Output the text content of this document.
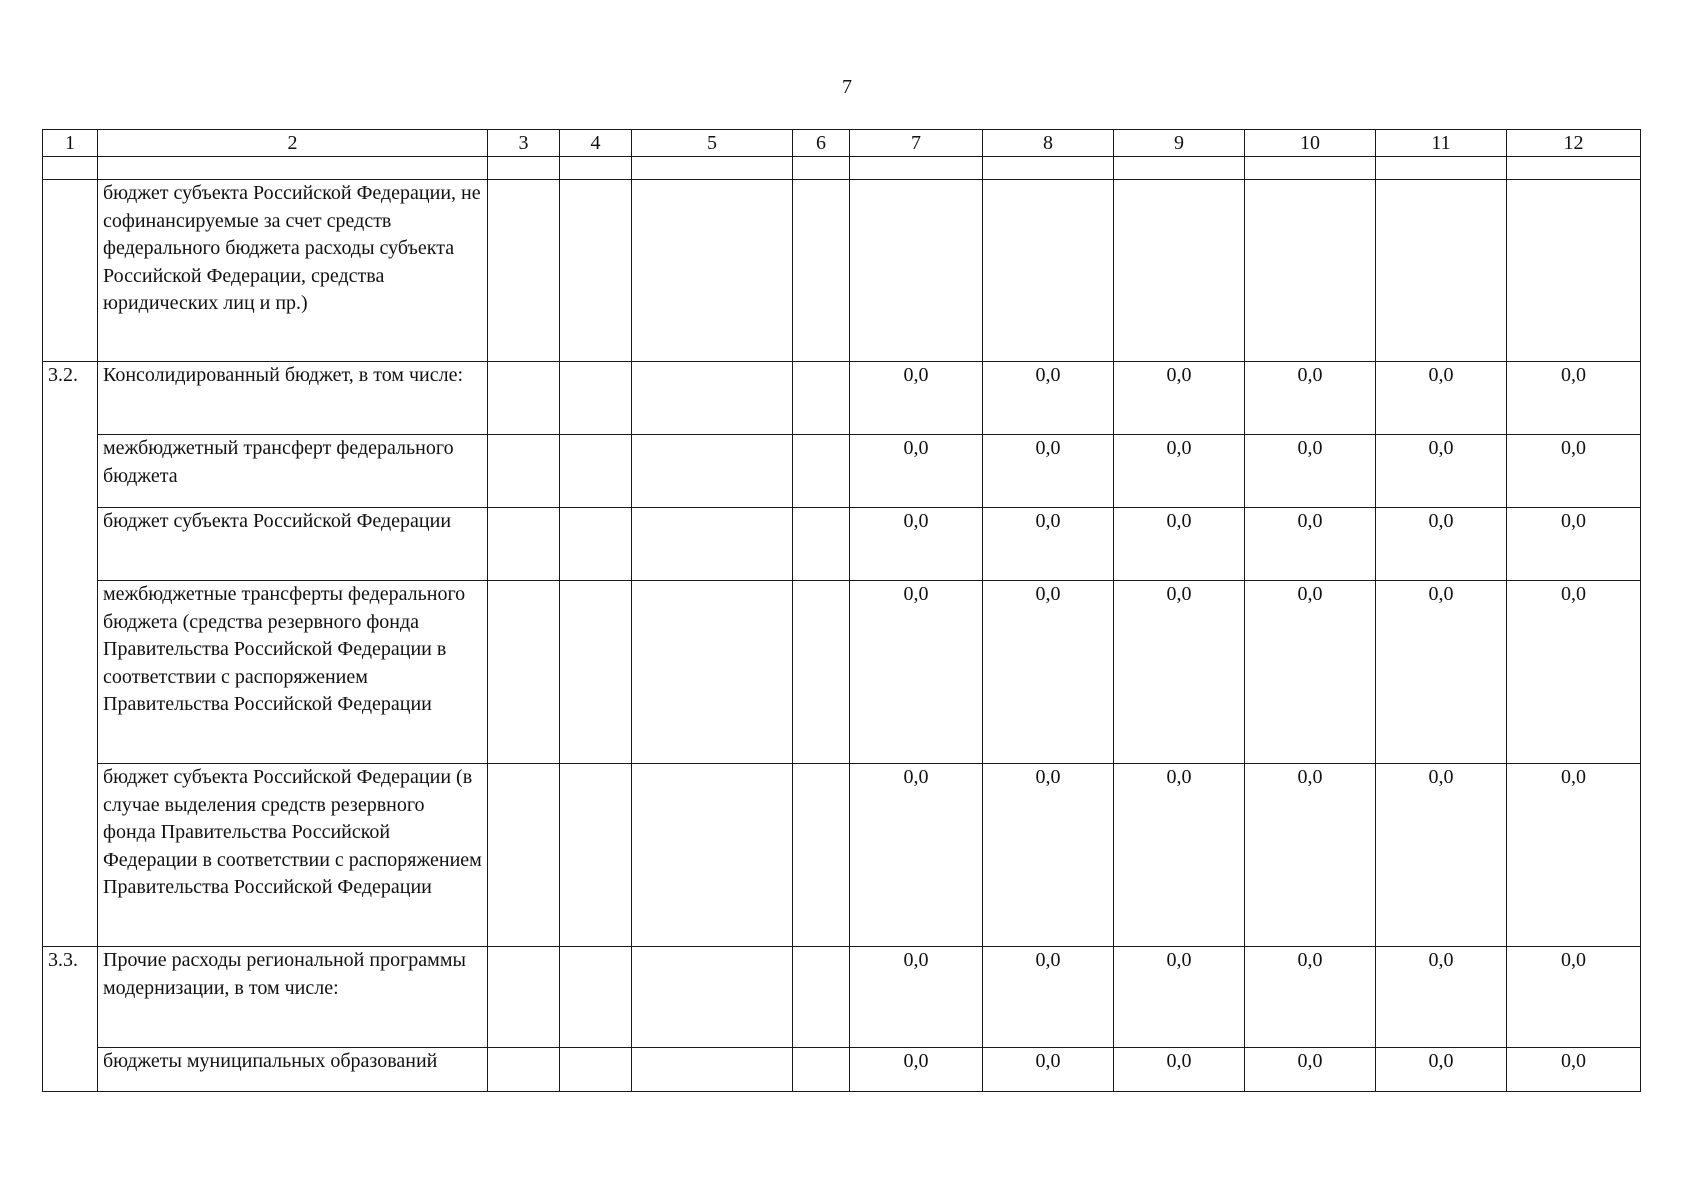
7
1	2	3	4	5	6	7	8	9	10	11	12

	бюджет субъекта Российской Федерации, не софинансируемые за счет средств федерального бюджета расходы субъекта Российской Федерации, средства юридических лиц и пр.)										
3.2.	Консолидированный бюджет, в том числе:					0,0	0,0	0,0	0,0	0,0	0,0
	межбюджетный трансферт федерального бюджета					0,0	0,0	0,0	0,0	0,0	0,0
	бюджет субъекта Российской Федерации					0,0	0,0	0,0	0,0	0,0	0,0
	межбюджетные трансферты федерального бюджета (средства резервного фонда Правительства Российской Федерации в соответствии с распоряжением Правительства Российской Федерации					0,0	0,0	0,0	0,0	0,0	0,0
	бюджет субъекта Российской Федерации (в случае выделения средств резервного фонда Правительства Российской Федерации в соответствии с распоряжением Правительства Российской Федерации					0,0	0,0	0,0	0,0	0,0	0,0
3.3.	Прочие расходы региональной программы модернизации, в том числе:					0,0	0,0	0,0	0,0	0,0	0,0
	бюджеты муниципальных образований					0,0	0,0	0,0	0,0	0,0	0,0
